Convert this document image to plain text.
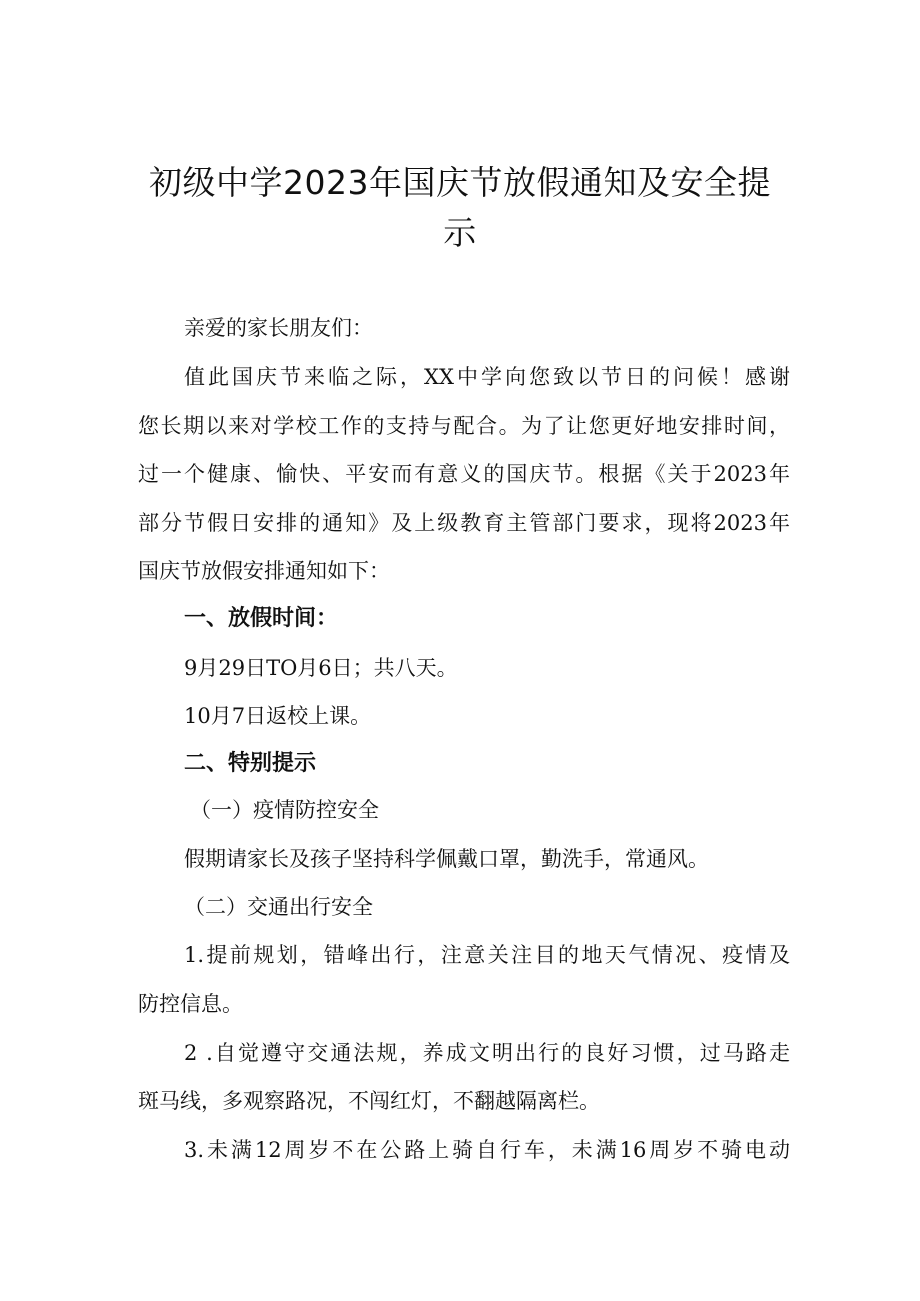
初级中学2023年国庆节放假通知及安全提示
亲爱的家长朋友们：
值此国庆节来临之际，XX中学向您致以节日的问候！感谢
您长期以来对学校工作的支持与配合。为了让您更好地安排时间，
过一个健康、愉快、平安而有意义的国庆节。根据《关于2023年
部分节假日安排的通知》及上级教育主管部门要求，现将2023年
国庆节放假安排通知如下：
一、放假时间：
9月29日TO月6日；共八天。
10月7日返校上课。
二、特别提示
（一）疫情防控安全
假期请家长及孩子坚持科学佩戴口罩，勤洗手，常通风。
（二）交通出行安全
1.提前规划，错峰出行，注意关注目的地天气情况、疫情及
防控信息。
2 .自觉遵守交通法规，养成文明出行的良好习惯，过马路走
斑马线，多观察路况，不闯红灯，不翻越隔离栏。
3.未满12周岁不在公路上骑自行车，未满16周岁不骑电动
